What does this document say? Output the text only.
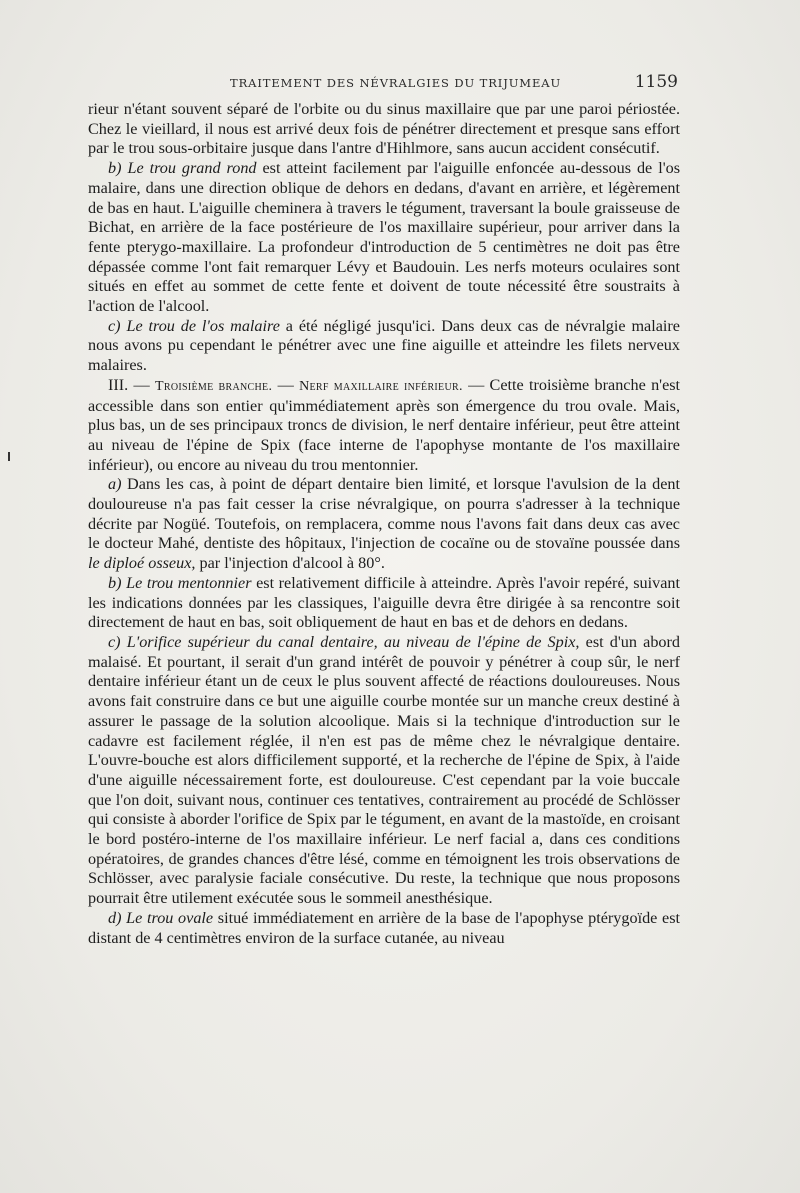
TRAITEMENT DES NÉVRALGIES DU TRIJUMEAU	1159

rieur n'étant souvent séparé de l'orbite ou du sinus maxillaire que par une paroi périostée. Chez le vieillard, il nous est arrivé deux fois de pénétrer directement et presque sans effort par le trou sous-orbitaire jusque dans l'antre d'Hihlmore, sans aucun accident consécutif.

b) Le trou grand rond est atteint facilement par l'aiguille enfoncée au-dessous de l'os malaire, dans une direction oblique de dehors en dedans, d'avant en arrière, et légèrement de bas en haut. L'aiguille cheminera à travers le tégument, traversant la boule graisseuse de Bichat, en arrière de la face postérieure de l'os maxillaire supérieur, pour arriver dans la fente pterygo-maxillaire. La profondeur d'introduction de 5 centimètres ne doit pas être dépassée comme l'ont fait remarquer Lévy et Baudouin. Les nerfs moteurs oculaires sont situés en effet au sommet de cette fente et doivent de toute nécessité être soustraits à l'action de l'alcool.

c) Le trou de l'os malaire a été négligé jusqu'ici. Dans deux cas de névralgie malaire nous avons pu cependant le pénétrer avec une fine aiguille et atteindre les filets nerveux malaires.

III. — Troisième branche. — Nerf maxillaire inférieur. — Cette troisième branche n'est accessible dans son entier qu'immédiatement après son émergence du trou ovale. Mais, plus bas, un de ses principaux troncs de division, le nerf dentaire inférieur, peut être atteint au niveau de l'épine de Spix (face interne de l'apophyse montante de l'os maxillaire inférieur), ou encore au niveau du trou mentonnier.

a) Dans les cas, à point de départ dentaire bien limité, et lorsque l'avulsion de la dent douloureuse n'a pas fait cesser la crise névralgique, on pourra s'adresser à la technique décrite par Nogüé. Toutefois, on remplacera, comme nous l'avons fait dans deux cas avec le docteur Mahé, dentiste des hôpitaux, l'injection de cocaïne ou de stovaïne poussée dans le diploé osseux, par l'injection d'alcool à 80°.

b) Le trou mentonnier est relativement difficile à atteindre. Après l'avoir repéré, suivant les indications données par les classiques, l'aiguille devra être dirigée à sa rencontre soit directement de haut en bas, soit obliquement de haut en bas et de dehors en dedans.

c) L'orifice supérieur du canal dentaire, au niveau de l'épine de Spix, est d'un abord malaisé. Et pourtant, il serait d'un grand intérêt de pouvoir y pénétrer à coup sûr, le nerf dentaire inférieur étant un de ceux le plus souvent affecté de réactions douloureuses. Nous avons fait construire dans ce but une aiguille courbe montée sur un manche creux destiné à assurer le passage de la solution alcoolique. Mais si la technique d'introduction sur le cadavre est facilement réglée, il n'en est pas de même chez le névralgique dentaire. L'ouvre-bouche est alors difficilement supporté, et la recherche de l'épine de Spix, à l'aide d'une aiguille nécessairement forte, est douloureuse. C'est cependant par la voie buccale que l'on doit, suivant nous, continuer ces tentatives, contrairement au procédé de Schlösser qui consiste à aborder l'orifice de Spix par le tégument, en avant de la mastoïde, en croisant le bord postéro-interne de l'os maxillaire inférieur. Le nerf facial a, dans ces conditions opératoires, de grandes chances d'être lésé, comme en témoignent les trois observations de Schlösser, avec paralysie faciale consécutive. Du reste, la technique que nous proposons pourrait être utilement exécutée sous le sommeil anesthésique.

d) Le trou ovale situé immédiatement en arrière de la base de l'apophyse ptérygoïde est distant de 4 centimètres environ de la surface cutanée, au niveau
